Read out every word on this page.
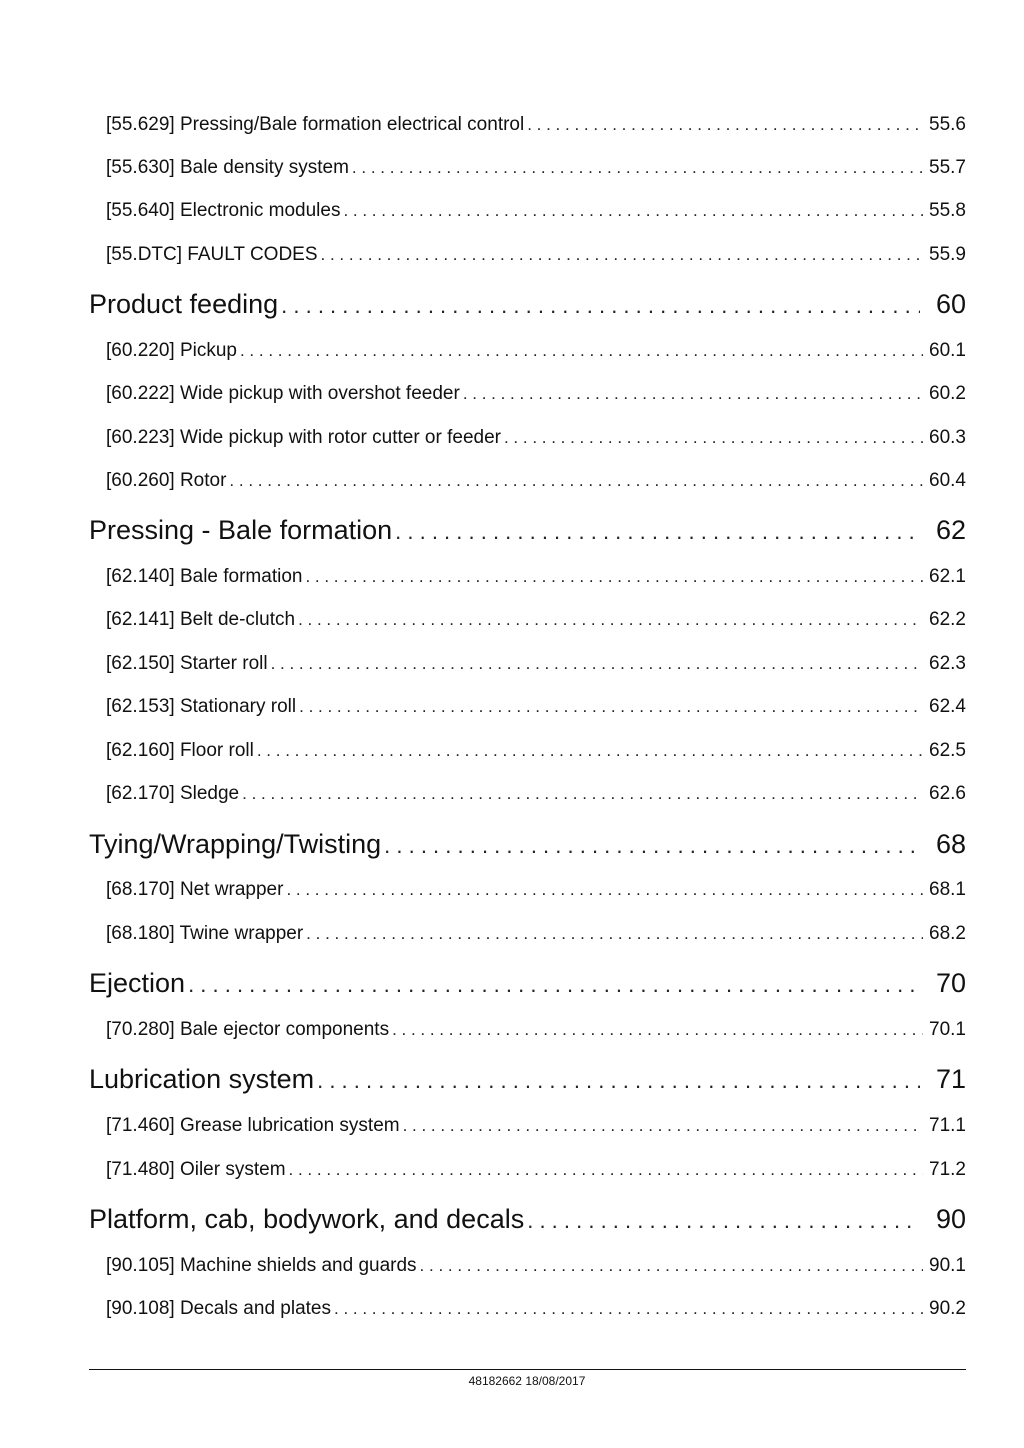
[55.629] Pressing/Bale formation electrical control . . .	55.6
[55.630] Bale density system . . .	55.7
[55.640] Electronic modules . . .	55.8
[55.DTC] FAULT CODES . . .	55.9
Product feeding . . .	60
[60.220] Pickup . . .	60.1
[60.222] Wide pickup with overshot feeder . . .	60.2
[60.223] Wide pickup with rotor cutter or feeder . . .	60.3
[60.260] Rotor . . .	60.4
Pressing - Bale formation . . .	62
[62.140] Bale formation . . .	62.1
[62.141] Belt de-clutch . . .	62.2
[62.150] Starter roll . . .	62.3
[62.153] Stationary roll . . .	62.4
[62.160] Floor roll . . .	62.5
[62.170] Sledge . . .	62.6
Tying/Wrapping/Twisting . . .	68
[68.170] Net wrapper . . .	68.1
[68.180] Twine wrapper . . .	68.2
Ejection . . .	70
[70.280] Bale ejector components . . .	70.1
Lubrication system . . .	71
[71.460] Grease lubrication system . . .	71.1
[71.480] Oiler system . . .	71.2
Platform, cab, bodywork, and decals . . .	90
[90.105] Machine shields and guards . . .	90.1
[90.108] Decals and plates . . .	90.2
48182662 18/08/2017
